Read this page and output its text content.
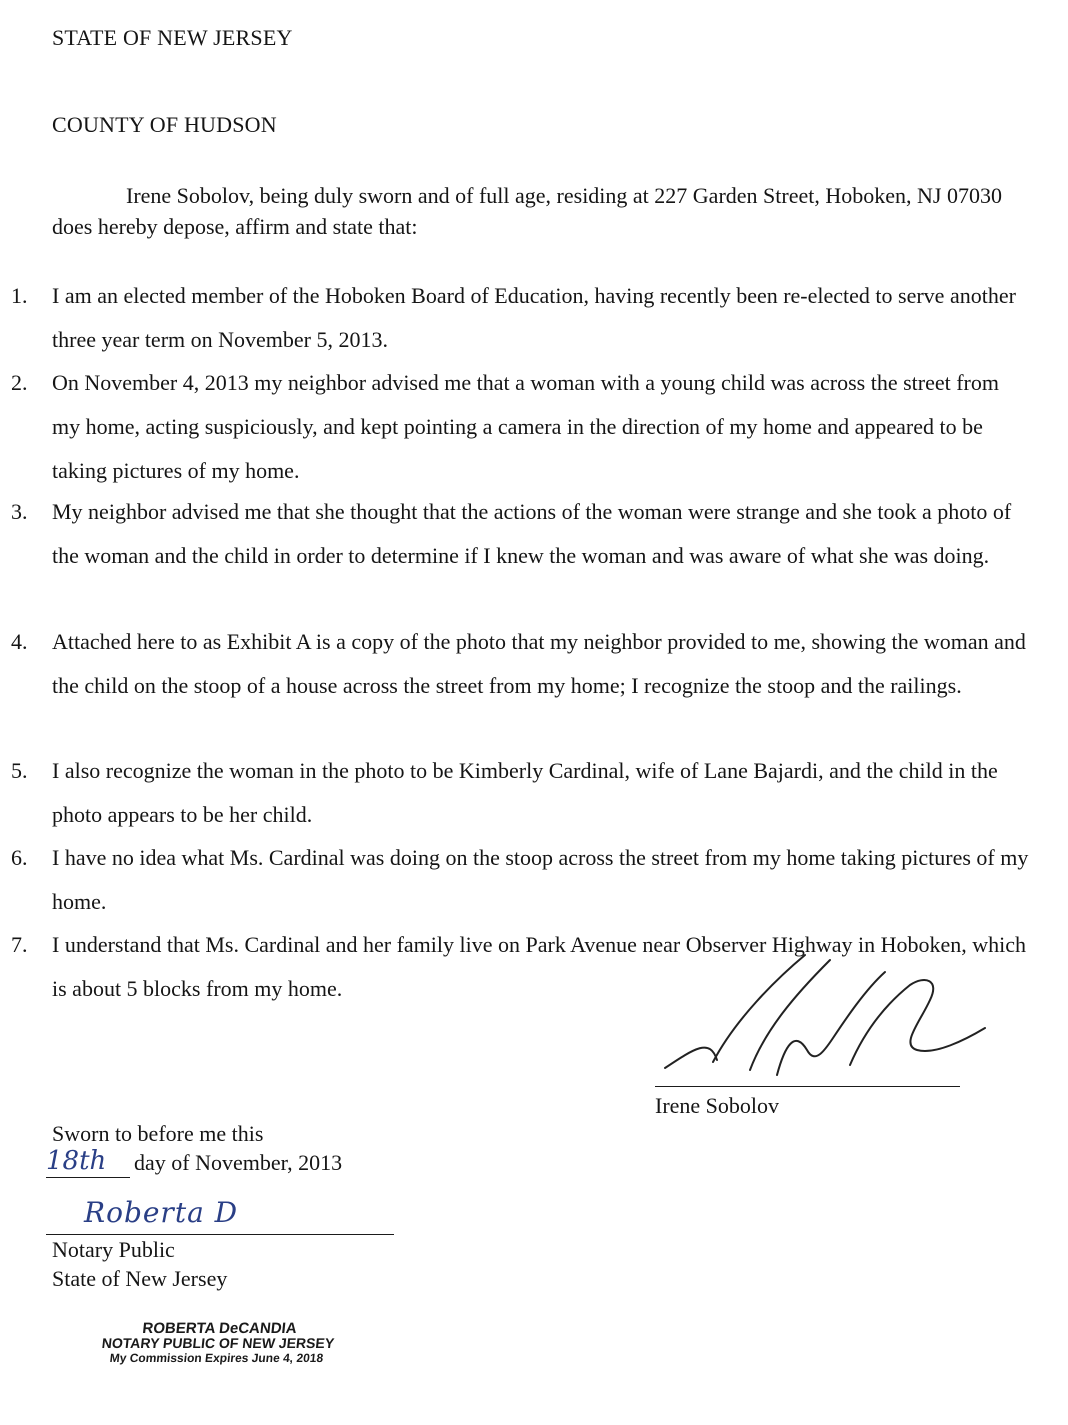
STATE OF NEW JERSEY
COUNTY OF HUDSON
Irene Sobolov, being duly sworn and of full age, residing at 227 Garden Street, Hoboken, NJ 07030 does hereby depose, affirm and state that:
1.	I am an elected member of the Hoboken Board of Education, having recently been re-elected to serve another three year term on November 5, 2013.
2.	On November 4, 2013 my neighbor advised me that a woman with a young child was across the street from my home, acting suspiciously, and kept pointing a camera in the direction of my home and appeared to be taking pictures of my home.
3.	My neighbor advised me that she thought that the actions of the woman were strange and she took a photo of the woman and the child in order to determine if I knew the woman and was aware of what she was doing.
4.	Attached here to as Exhibit A is a copy of the photo that my neighbor provided to me, showing the woman and the child on the stoop of a house across the street from my home; I recognize the stoop and the railings.
5.	I also recognize the woman in the photo to be Kimberly Cardinal, wife of Lane Bajardi, and the child in the photo appears to be her child.
6.	I have no idea what Ms. Cardinal was doing on the stoop across the street from my home taking pictures of my home.
7.	I understand that Ms. Cardinal and her family live on Park Avenue near Observer Highway in Hoboken, which is about 5 blocks from my home.
Irene Sobolov
Sworn to before me this
18th day of November, 2013
Roberta D
Notary Public
State of New Jersey
ROBERTA DeCANDIA
NOTARY PUBLIC OF NEW JERSEY
My Commission Expires June 4, 2018
